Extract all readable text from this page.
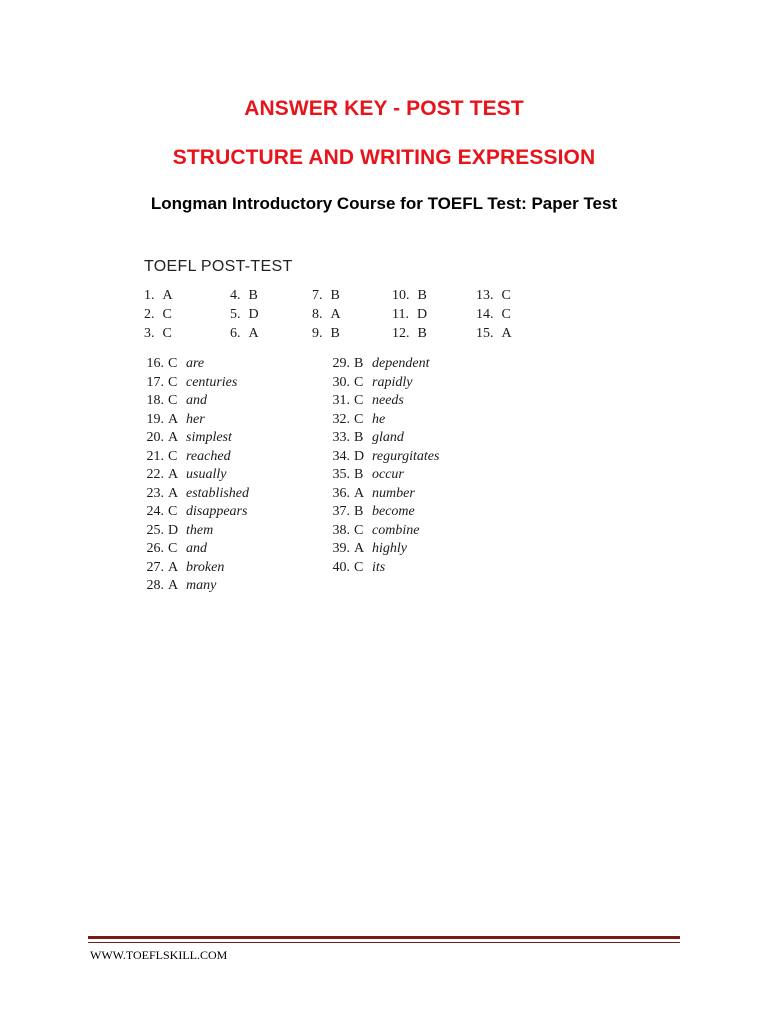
ANSWER KEY - POST TEST
STRUCTURE AND WRITING EXPRESSION
Longman Introductory Course for TOEFL Test: Paper Test
TOEFL POST-TEST
1. A
2. C
3. C
4. B
5. D
6. A
7. B
8. A
9. B
10. B
11. D
12. B
13. C
14. C
15. A
16. C are
17. C centuries
18. C and
19. A her
20. A simplest
21. C reached
22. A usually
23. A established
24. C disappears
25. D them
26. C and
27. A broken
28. A many
29. B dependent
30. C rapidly
31. C needs
32. C he
33. B gland
34. D regurgitates
35. B occur
36. A number
37. B become
38. C combine
39. A highly
40. C its
WWW.TOEFLSKILL.COM
